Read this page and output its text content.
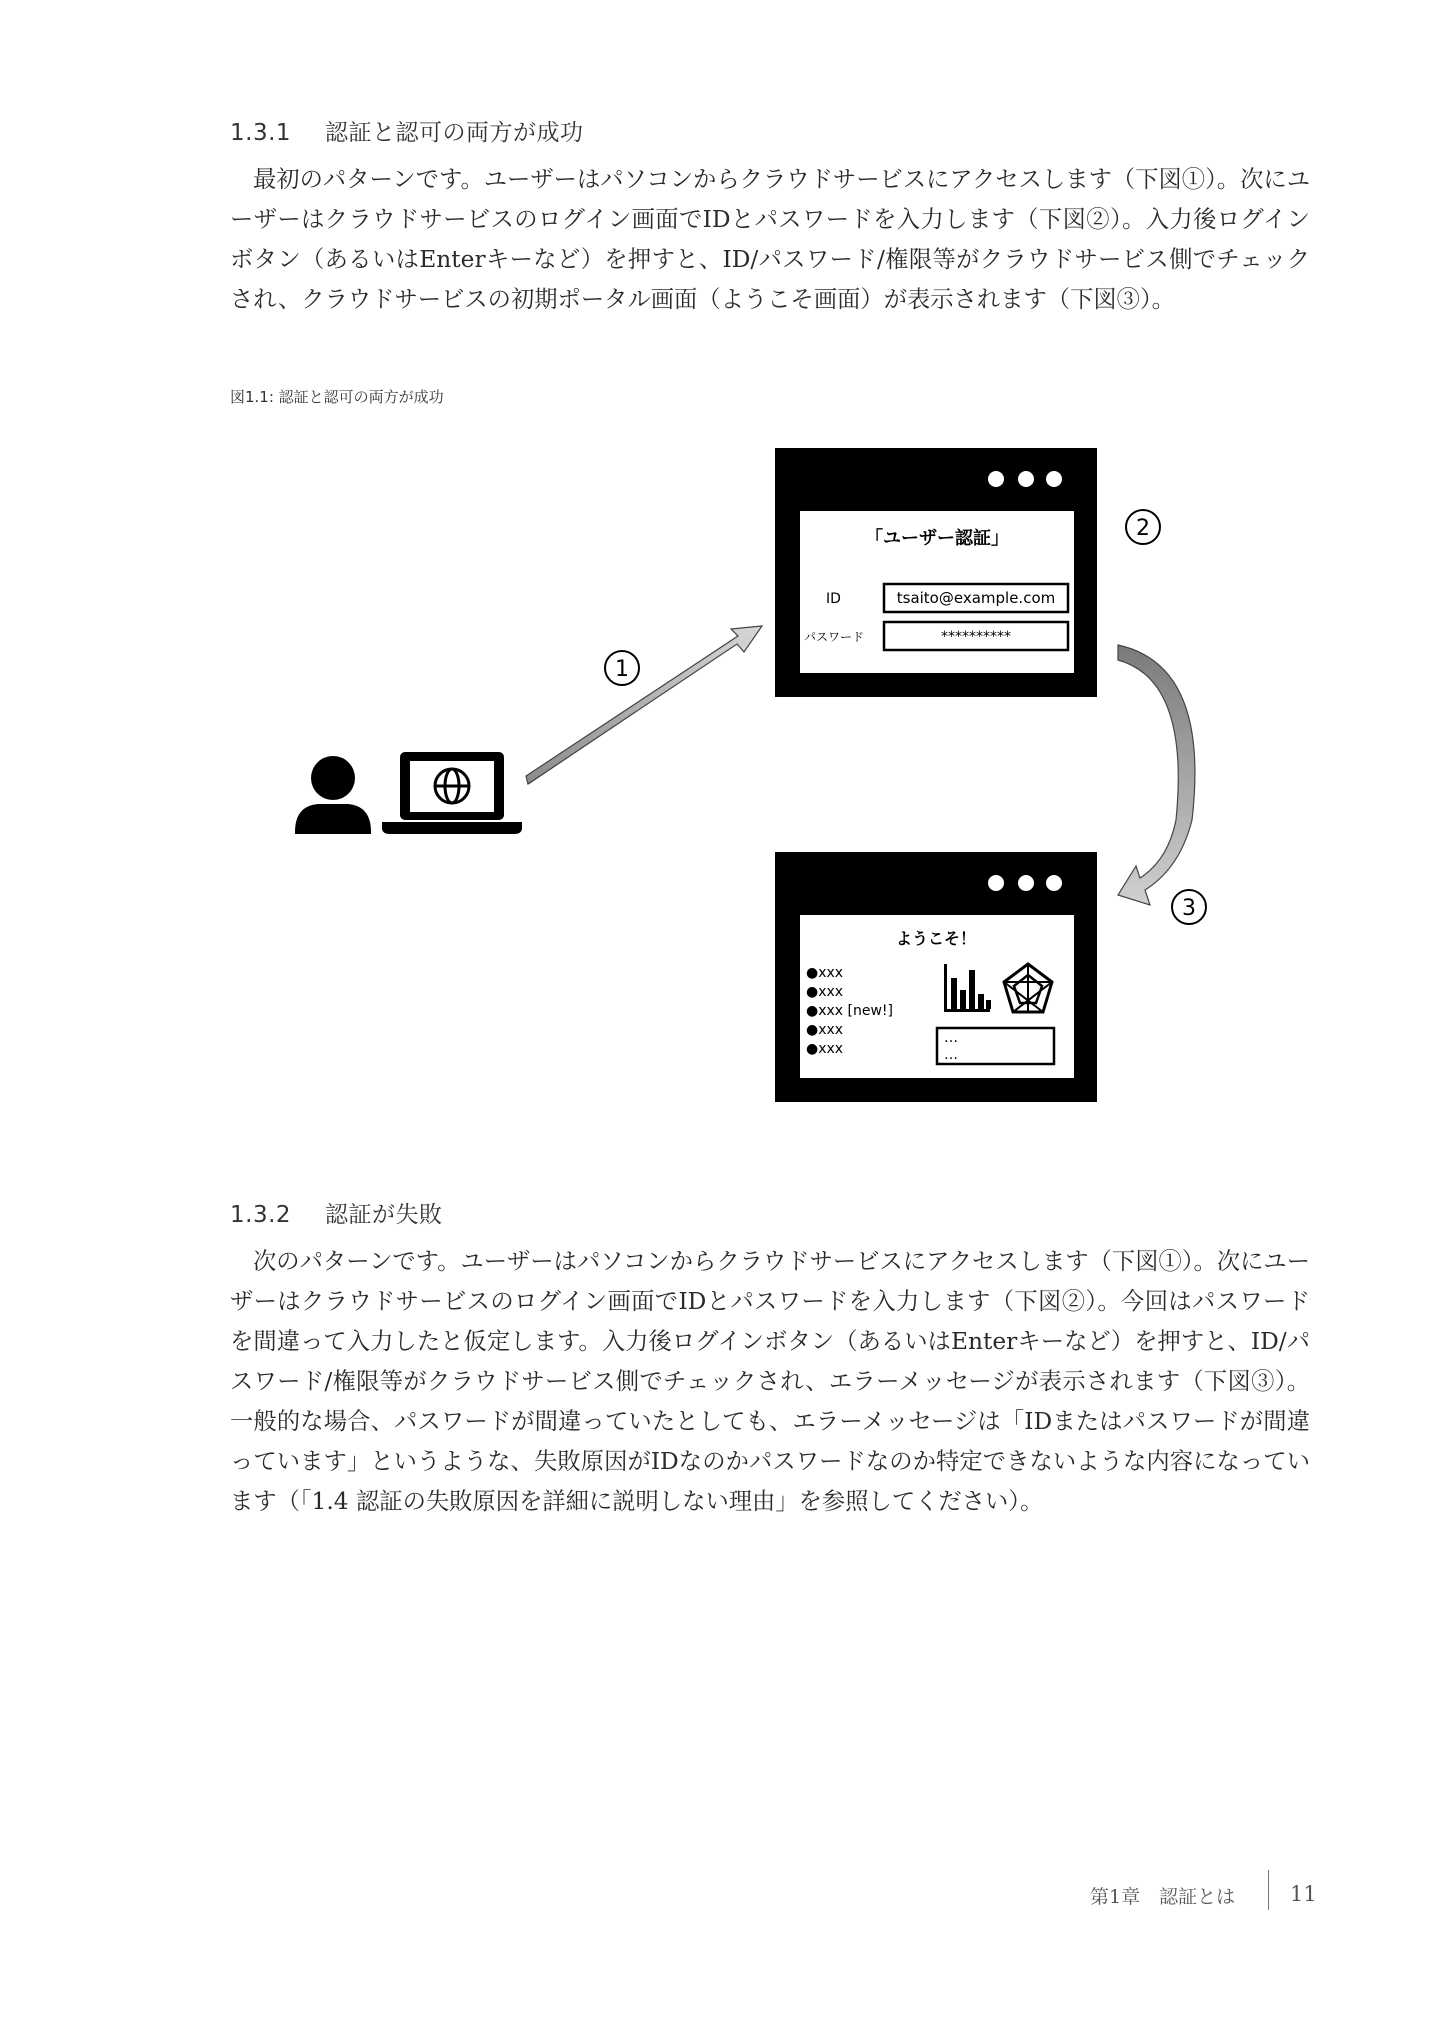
1.3.1 認証と認可の両方が成功

最初のパターンです。ユーザーはパソコンからクラウドサービスにアクセスします（下図①）。次にユーザーはクラウドサービスのログイン画面でIDとパスワードを入力します（下図②）。入力後ログインボタン（あるいはEnterキーなど）を押すと、ID/パスワード/権限等がクラウドサービス側でチェックされ、クラウドサービスの初期ポータル画面（ようこそ画面）が表示されます（下図③）。

図1.1: 認証と認可の両方が成功
「ユーザー認証」
ID	tsaito@example.com
パスワード	**********
ようこそ！
●xxx
●xxx
●xxx [new!]
●xxx
●xxx
…
…
1
2
3
1.3.2 認証が失敗

次のパターンです。ユーザーはパソコンからクラウドサービスにアクセスします（下図①）。次にユーザーはクラウドサービスのログイン画面でIDとパスワードを入力します（下図②）。今回はパスワードを間違って入力したと仮定します。入力後ログインボタン（あるいはEnterキーなど）を押すと、ID/パスワード/権限等がクラウドサービス側でチェックされ、エラーメッセージが表示されます（下図③）。一般的な場合、パスワードが間違っていたとしても、エラーメッセージは「IDまたはパスワードが間違っています」というような、失敗原因がIDなのかパスワードなのか特定できないような内容になっています（「1.4 認証の失敗原因を詳細に説明しない理由」を参照してください）。

第1章　認証とは	11
